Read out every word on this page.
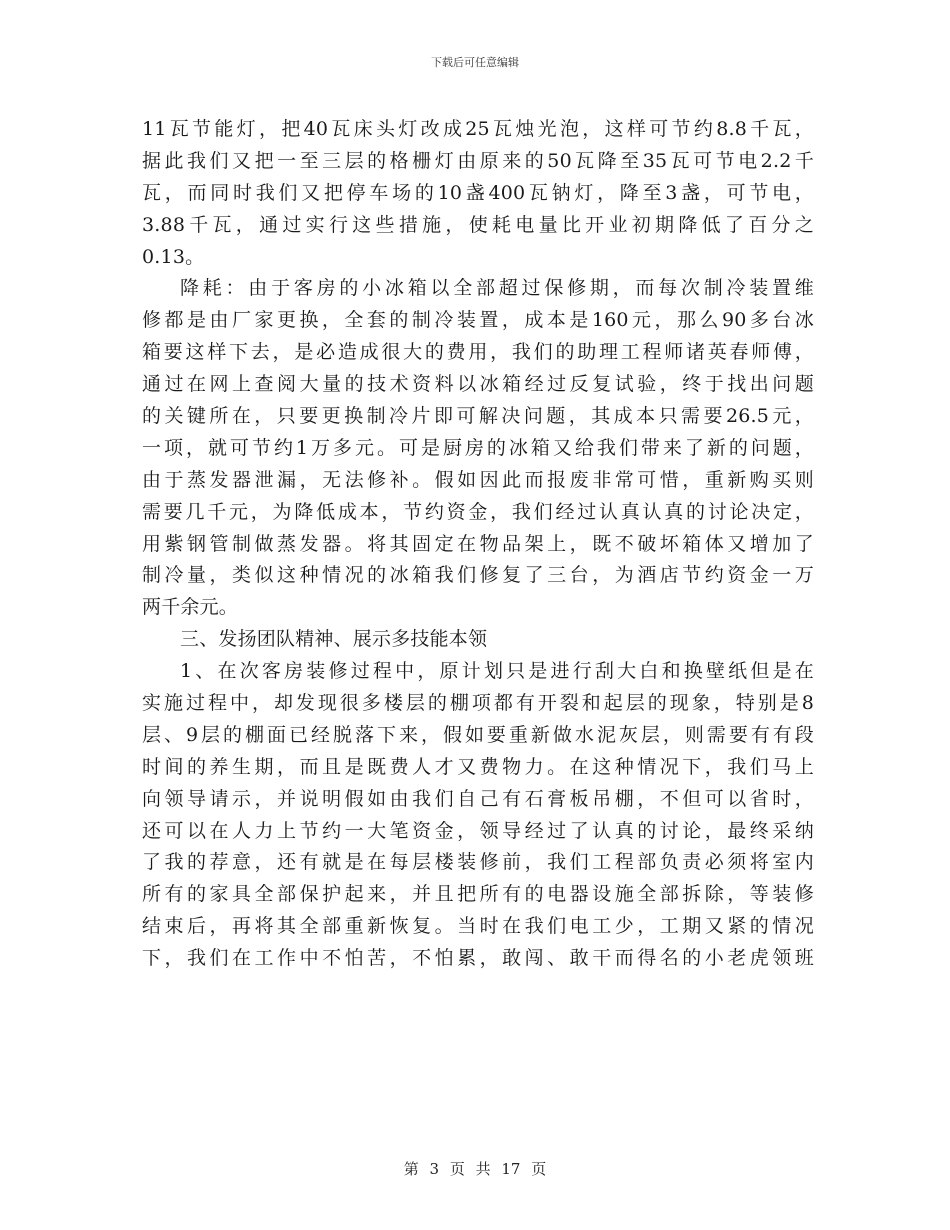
下载后可任意编辑
11瓦节能灯，把40瓦床头灯改成25瓦烛光泡，这样可节约8.8千瓦，
据此我们又把一至三层的格栅灯由原来的50瓦降至35瓦可节电2.2千
瓦，而同时我们又把停车场的10盏400瓦钠灯，降至3盏，可节电，
3.88千瓦，通过实行这些措施，使耗电量比开业初期降低了百分之
0.13。
降耗：由于客房的小冰箱以全部超过保修期，而每次制冷装置维
修都是由厂家更换，全套的制冷装置，成本是160元，那么90多台冰
箱要这样下去，是必造成很大的费用，我们的助理工程师诸英春师傅，
通过在网上查阅大量的技术资料以冰箱经过反复试验，终于找出问题
的关键所在，只要更换制冷片即可解决问题，其成本只需要26.5元，
一项，就可节约1万多元。可是厨房的冰箱又给我们带来了新的问题，
由于蒸发器泄漏，无法修补。假如因此而报废非常可惜，重新购买则
需要几千元，为降低成本，节约资金，我们经过认真认真的讨论决定，
用紫钢管制做蒸发器。将其固定在物品架上，既不破坏箱体又增加了
制冷量，类似这种情况的冰箱我们修复了三台，为酒店节约资金一万
两千余元。
三、发扬团队精神、展示多技能本领
1、在次客房装修过程中，原计划只是进行刮大白和换壁纸但是在
实施过程中，却发现很多楼层的棚项都有开裂和起层的现象，特别是8
层、9层的棚面已经脱落下来，假如要重新做水泥灰层，则需要有有段
时间的养生期，而且是既费人才又费物力。在这种情况下，我们马上
向领导请示，并说明假如由我们自己有石膏板吊棚，不但可以省时，
还可以在人力上节约一大笔资金，领导经过了认真的讨论，最终采纳
了我的荐意，还有就是在每层楼装修前，我们工程部负责必须将室内
所有的家具全部保护起来，并且把所有的电器设施全部拆除，等装修
结束后，再将其全部重新恢复。当时在我们电工少，工期又紧的情况
下，我们在工作中不怕苦，不怕累，敢闯、敢干而得名的小老虎领班
第 3 页 共 17 页
